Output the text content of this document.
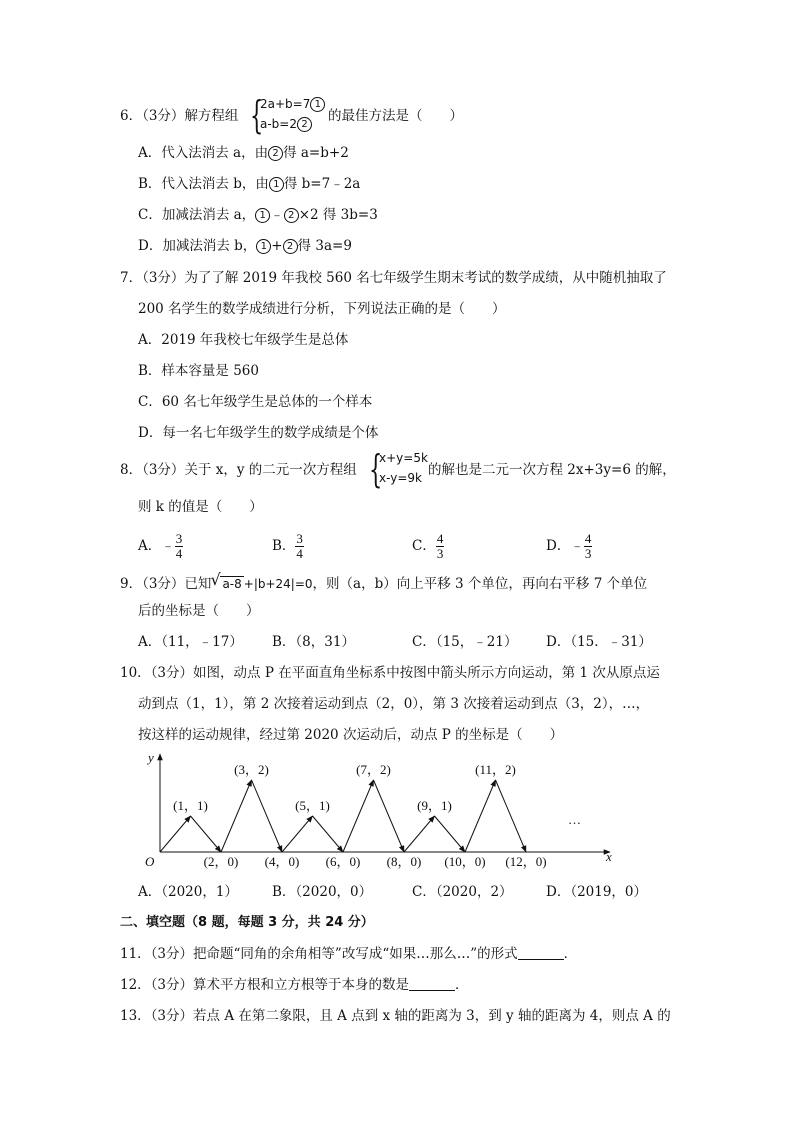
6．（3分）解方程组 {
2a+b=7 1
a-b=2 2
的最佳方法是（　　）
A．代入法消去 a，由 2 得 a=b+2
B．代入法消去 b，由 1 得 b=7﹣2a
C．加减法消去 a， 1 ﹣ 2 ×2 得 3b=3
D．加减法消去 b， 1 + 2 得 3a=9
7．（3分）为了了解 2019 年我校 560 名七年级学生期末考试的数学成绩，从中随机抽取了
200 名学生的数学成绩进行分析，下列说法正确的是（　　）
A．2019 年我校七年级学生是总体
B．样本容量是 560
C．60 名七年级学生是总体的一个样本
D．每一名七年级学生的数学成绩是个体
8．（3分）关于 x，y 的二元一次方程组 {
x+y=5k
x-y=9k 的解也是二元一次方程 2x+3y=6 的解，
则 k 的值是（　　）
A．﹣ $\frac{3}{4}$	B． $\frac{3}{4}$	C． $\frac{4}{3}$	D．﹣ $\frac{4}{3}$
9．（3分）已知 √ a-8 +|b+24|=0，则（a，b）向上平移 3 个单位，再向右平移 7 个单位
后的坐标是（　　）
A．（11，﹣17） B．（8，31）	C．（15，﹣21） D．（15．﹣31）
10．（3分）如图，动点 P 在平面直角坐标系中按图中箭头所示方向运动，第 1 次从原点运
动到点（1，1），第 2 次接着运动到点（2，0），第 3 次接着运动到点（3，2），…，
按这样的运动规律，经过第 2020 次运动后，动点 P 的坐标是（　　）
x
y
O
…
(1，1)
(2，0)
(3，2)
(4，0)
(5，1)
(6，0)
(7，2)
(8，0)
(9，1)
(10，0)
(11，2)
(12，0)
A．（2020，1）	B．（2020，0）	C．（2020，2） D．（2019，0）
二、填空题（8 题，每题 3 分，共 24 分）
11．（3分）把命题“同角的余角相等”改写成“如果…那么…”的形式	．
12．（3分）算术平方根和立方根等于本身的数是	．
13．（3分）若点 A 在第二象限，且 A 点到 x 轴的距离为 3，到 y 轴的距离为 4，则点 A 的
